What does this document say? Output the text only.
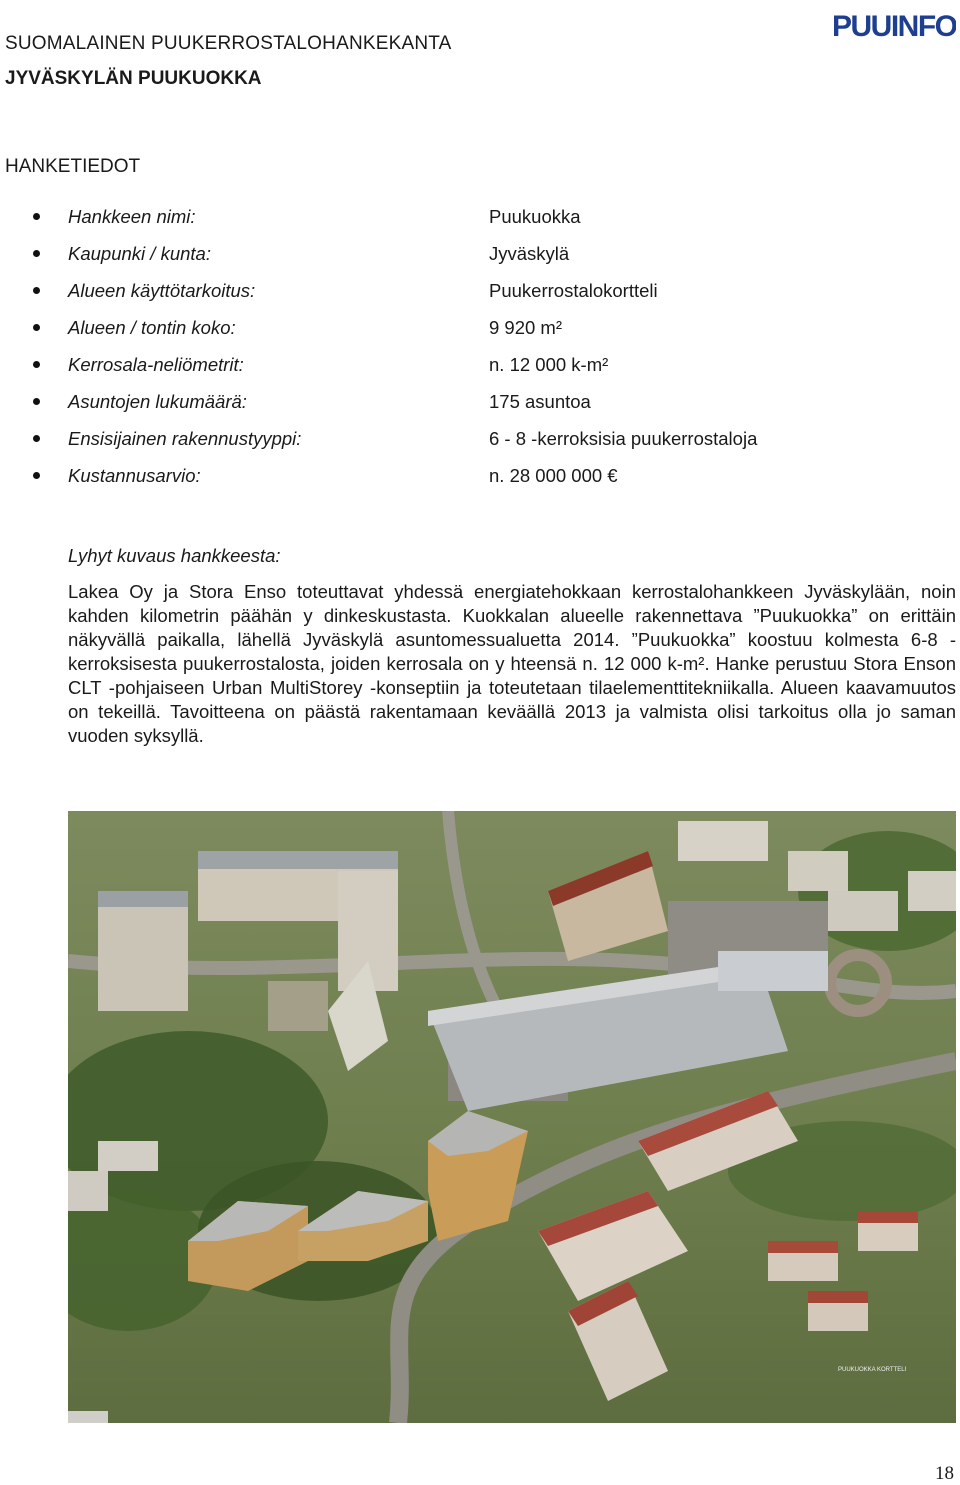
SUOMALAINEN PUUKERROSTALOHANKEKANTA
JYVÄSKYLÄN PUUKUOKKA
PUUINFO
HANKETIEDOT
Hankkeen nimi:	Puukuokka
Kaupunki / kunta:	Jyväskylä
Alueen käyttötarkoitus:	Puukerrostalokortteli
Alueen / tontin koko:	9 920 m²
Kerrosala-neliömetrit:	n. 12 000 k-m²
Asuntojen lukumäärä:	175 asuntoa
Ensisijainen rakennustyyppi:	6 - 8 -kerroksisia puukerrostaloja
Kustannusarvio:	n. 28 000 000 €
Lyhyt kuvaus hankkeesta:
Lakea Oy ja Stora Enso toteuttavat yhdessä energiatehokkaan kerrostalohankkeen Jyväskylään, noin kahden kilometrin päähän y dinkeskustasta. Kuokkalan alueelle rakennettava ”Puukuokka” on erittäin näkyvällä paikalla, lähellä Jyväskylä asuntomessualuetta 2014. ”Puukuokka” koostuu kolmesta 6-8 -kerroksisesta puukerrostalosta, joiden kerrosala on y hteensä n. 12 000 k-m². Hanke perustuu Stora Enson CLT -pohjaiseen Urban MultiStorey -konseptiin ja toteutetaan tilaelementtitekniikalla. Alueen kaavamuutos on tekeillä. Tavoitteena on päästä rakentamaan keväällä 2013 ja valmista olisi tarkoitus olla jo saman vuoden syksyllä.
PUUKUOKKA KORTTELI
18
